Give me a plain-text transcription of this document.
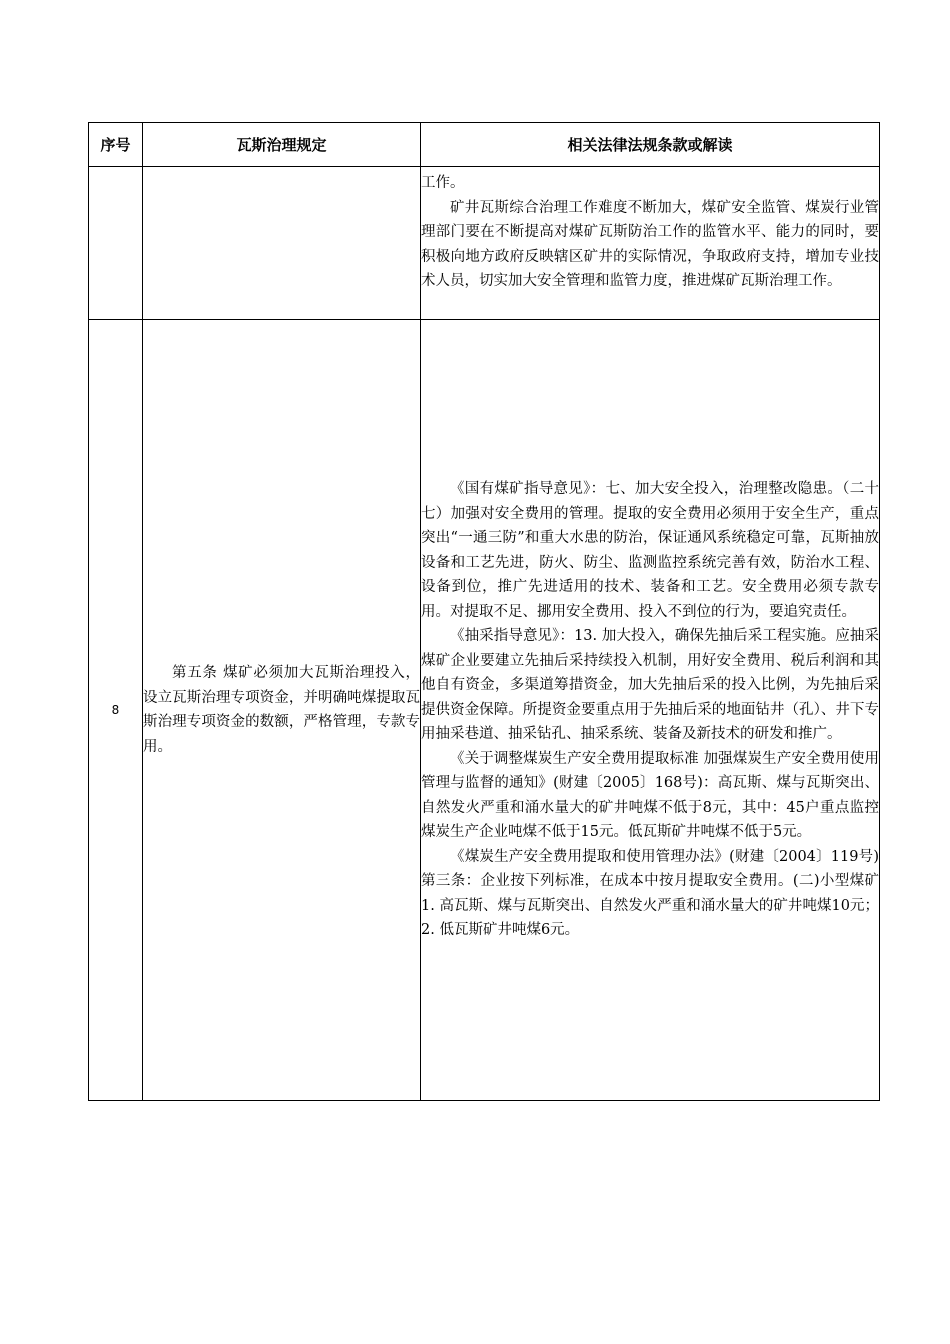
序号	瓦斯治理规定	相关法律法规条款或解读

		工作。

矿井瓦斯综合治理工作难度不断加大，煤矿安全监管、煤炭行业管理部门要在不断提高对煤矿瓦斯防治工作的监管水平、能力的同时，要积极向地方政府反映辖区矿井的实际情况，争取政府支持，增加专业技术人员，切实加大安全管理和监管力度，推进煤矿瓦斯治理工作。

8	第五条 煤矿必须加大瓦斯治理投入，设立瓦斯治理专项资金，并明确吨煤提取瓦斯治理专项资金的数额，严格管理，专款专用。	《国有煤矿指导意见》：七、加大安全投入，治理整改隐患。（二十七）加强对安全费用的管理。提取的安全费用必须用于安全生产，重点突出“一通三防”和重大水患的防治，保证通风系统稳定可靠，瓦斯抽放设备和工艺先进，防火、防尘、监测监控系统完善有效，防治水工程、设备到位，推广先进适用的技术、装备和工艺。安全费用必须专款专用。对提取不足、挪用安全费用、投入不到位的行为，要追究责任。

《抽采指导意见》：13. 加大投入，确保先抽后采工程实施。应抽采煤矿企业要建立先抽后采持续投入机制，用好安全费用、税后利润和其他自有资金，多渠道筹措资金，加大先抽后采的投入比例，为先抽后采提供资金保障。所提资金要重点用于先抽后采的地面钻井（孔）、井下专用抽采巷道、抽采钻孔、抽采系统、装备及新技术的研发和推广。

《关于调整煤炭生产安全费用提取标准 加强煤炭生产安全费用使用管理与监督的通知》(财建〔2005〕168号)：高瓦斯、煤与瓦斯突出、自然发火严重和涌水量大的矿井吨煤不低于8元，其中：45户重点监控煤炭生产企业吨煤不低于15元。低瓦斯矿井吨煤不低于5元。

《煤炭生产安全费用提取和使用管理办法》(财建〔2004〕119号)第三条：企业按下列标准，在成本中按月提取安全费用。(二)小型煤矿 1. 高瓦斯、煤与瓦斯突出、自然发火严重和涌水量大的矿井吨煤10元； 2. 低瓦斯矿井吨煤6元。
